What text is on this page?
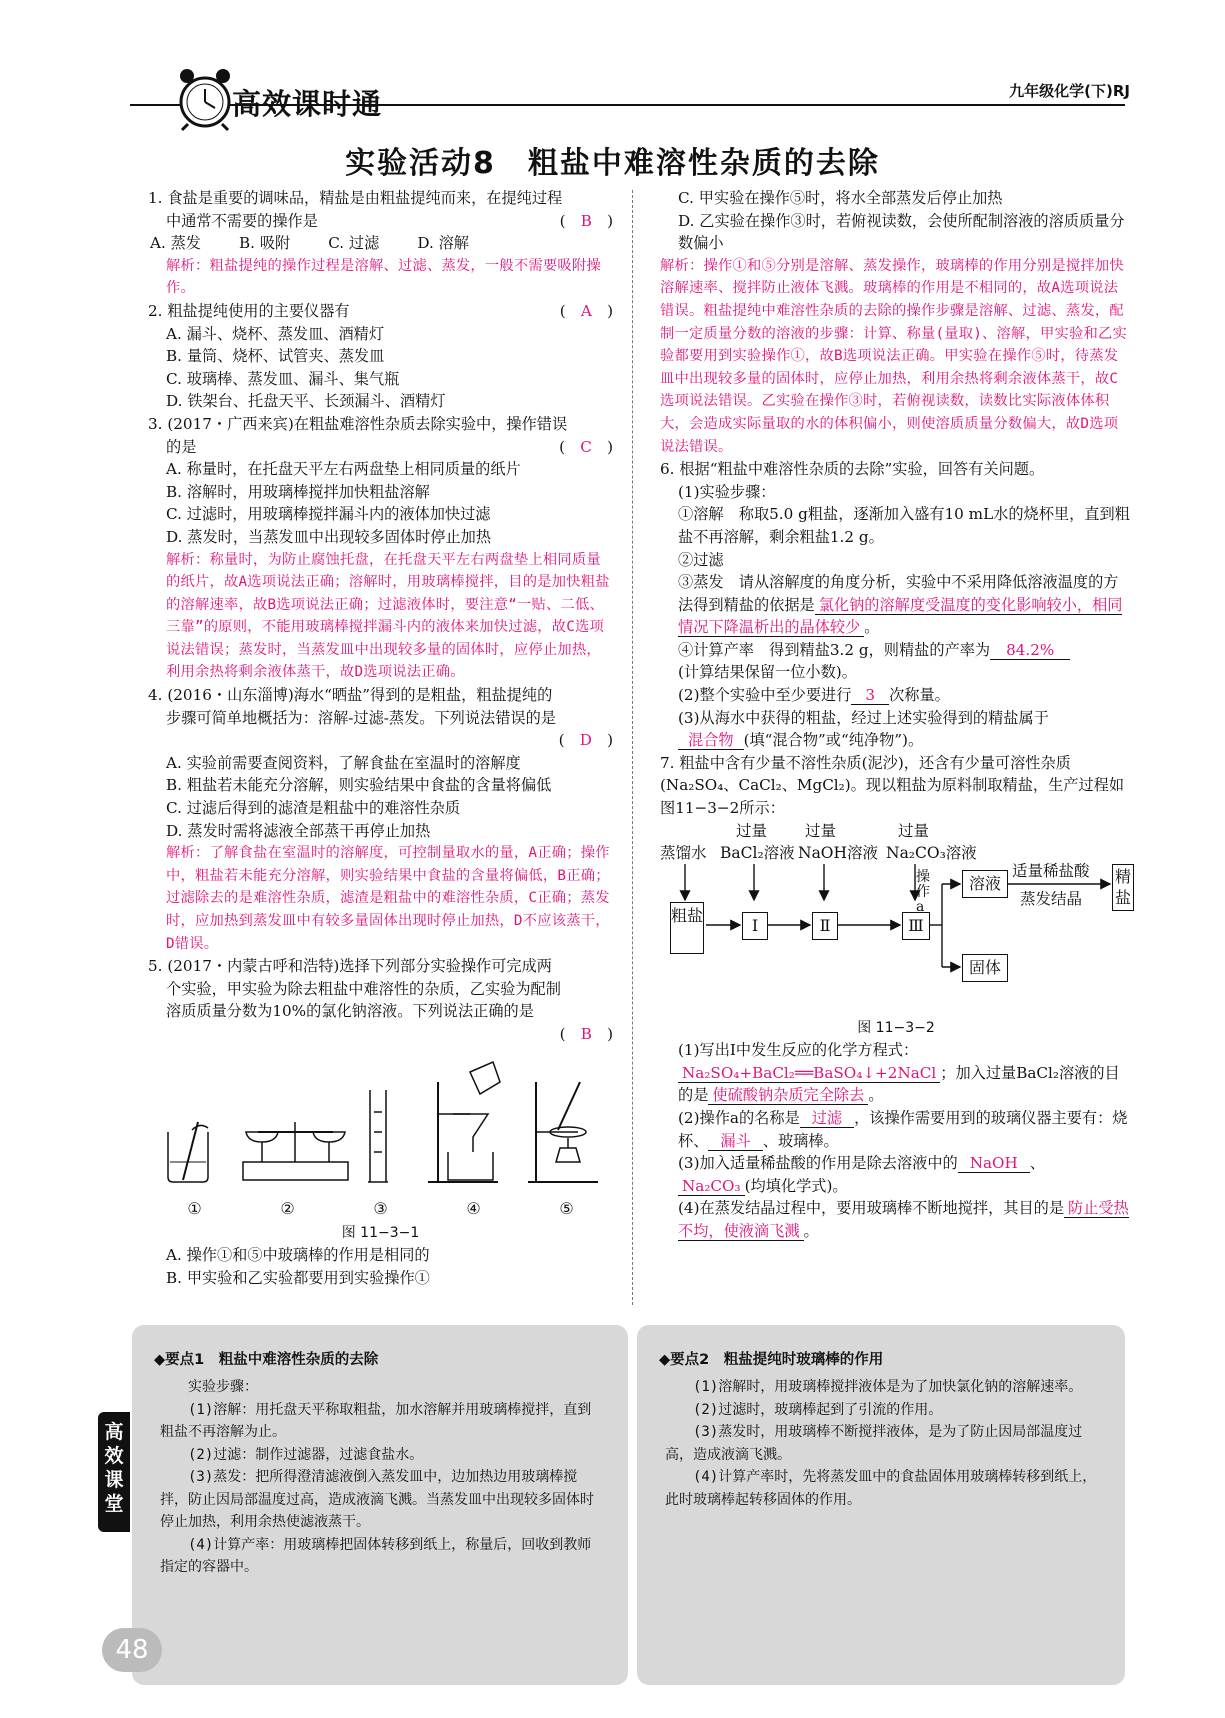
高效课时通	九年级化学(下)RJ
实验活动8　粗盐中难溶性杂质的去除

1. 食盐是重要的调味品，精盐是由粗盐提纯而来，在提纯过程

中通常不需要的操作是	(　B　)
A. 蒸发	B. 吸附	C. 过滤	D. 溶解

解析：粗盐提纯的操作过程是溶解、过滤、蒸发，一般不需要吸附操作。

2. 粗盐提纯使用的主要仪器有	(　A　)

A. 漏斗、烧杯、蒸发皿、酒精灯

B. 量筒、烧杯、试管夹、蒸发皿

C. 玻璃棒、蒸发皿、漏斗、集气瓶

D. 铁架台、托盘天平、长颈漏斗、酒精灯

3. (2017・广西来宾)在粗盐难溶性杂质去除实验中，操作错误

的是	(　C　)

A. 称量时，在托盘天平左右两盘垫上相同质量的纸片

B. 溶解时，用玻璃棒搅拌加快粗盐溶解

C. 过滤时，用玻璃棒搅拌漏斗内的液体加快过滤

D. 蒸发时，当蒸发皿中出现较多固体时停止加热

解析：称量时，为防止腐蚀托盘，在托盘天平左右两盘垫上相同质量的纸片，故A选项说法正确；溶解时，用玻璃棒搅拌，目的是加快粗盐的溶解速率，故B选项说法正确；过滤液体时，要注意“一贴、二低、三靠”的原则，不能用玻璃棒搅拌漏斗内的液体来加快过滤，故C选项说法错误；蒸发时，当蒸发皿中出现较多量的固体时，应停止加热，利用余热将剩余液体蒸干，故D选项说法正确。

4. (2016・山东淄博)海水“晒盐”得到的是粗盐，粗盐提纯的

步骤可简单地概括为：溶解-过滤-蒸发。下列说法错误的是

(　D　)

A. 实验前需要查阅资料，了解食盐在室温时的溶解度

B. 粗盐若未能充分溶解，则实验结果中食盐的含量将偏低

C. 过滤后得到的滤渣是粗盐中的难溶性杂质

D. 蒸发时需将滤液全部蒸干再停止加热

解析：了解食盐在室温时的溶解度，可控制量取水的量，A正确；操作中，粗盐若未能充分溶解，则实验结果中食盐的含量将偏低，B正确；过滤除去的是难溶性杂质，滤渣是粗盐中的难溶性杂质，C正确；蒸发时，应加热到蒸发皿中有较多量固体出现时停止加热，D不应该蒸干，D错误。

5. (2017・内蒙古呼和浩特)选择下列部分实验操作可完成两

个实验，甲实验为除去粗盐中难溶性的杂质，乙实验为配制

溶质质量分数为10%的氯化钠溶液。下列说法正确的是

(　B　)
①	②	③	④	⑤

图 11−3−1

A. 操作①和⑤中玻璃棒的作用是相同的

B. 甲实验和乙实验都要用到实验操作①

C. 甲实验在操作⑤时，将水全部蒸发后停止加热

D. 乙实验在操作③时，若俯视读数，会使所配制溶液的溶质质量分数偏小

解析：操作①和⑤分别是溶解、蒸发操作，玻璃棒的作用分别是搅拌加快溶解速率、搅拌防止液体飞溅。玻璃棒的作用是不相同的，故A选项说法错误。粗盐提纯中难溶性杂质的去除的操作步骤是溶解、过滤、蒸发，配制一定质量分数的溶液的步骤：计算、称量(量取)、溶解，甲实验和乙实验都要用到实验操作①，故B选项说法正确。甲实验在操作⑤时，待蒸发皿中出现较多量的固体时，应停止加热，利用余热将剩余液体蒸干，故C选项说法错误。乙实验在操作③时，若俯视读数，读数比实际液体体积大，会造成实际量取的水的体积偏小，则使溶质质量分数偏大，故D选项说法错误。

6. 根据“粗盐中难溶性杂质的去除”实验，回答有关问题。

(1)实验步骤：

①溶解　称取5.0 g粗盐，逐渐加入盛有10 mL水的烧杯里，直到粗盐不再溶解，剩余粗盐1.2 g。

②过滤

③蒸发　请从溶解度的角度分析，实验中不采用降低溶液温度的方法得到精盐的依据是 氯化钠的溶解度受温度的变化影响较小，相同情况下降温析出的晶体较少 。

④计算产率　得到精盐3.2 g，则精盐的产率为 84.2%

(计算结果保留一位小数)。

(2)整个实验中至少要进行 3 次称量。

(3)从海水中获得的粗盐，经过上述实验得到的精盐属于

混合物 (填“混合物”或“纯净物”)。

7. 粗盐中含有少量不溶性杂质(泥沙)，还含有少量可溶性杂质(Na₂SO₄、CaCl₂、MgCl₂)。现以粗盐为原料制取精盐，生产过程如图11−3−2所示：

过量 过量	过量
蒸馏水 BaCl₂溶液 NaOH溶液 Na₂CO₃溶液
粗盐
Ⅰ	Ⅱ	Ⅲ
操作a
溶液
固体
适量稀盐酸
蒸发结晶
精盐

图 11−3−2

(1)写出Ⅰ中发生反应的化学方程式：

Na₂SO₄+BaCl₂══BaSO₄↓+2NaCl ；加入过量BaCl₂溶液的目的是 使硫酸钠杂质完全除去 。

(2)操作a的名称是 过滤 ，该操作需要用到的玻璃仪器主要有：烧杯、 漏斗 、玻璃棒。

(3)加入适量稀盐酸的作用是除去溶液中的 NaOH 、Na₂CO₃ (均填化学式)。

(4)在蒸发结晶过程中，要用玻璃棒不断地搅拌，其目的是 防止受热不均，使液滴飞溅 。

◆要点1　粗盐中难溶性杂质的去除

实验步骤：

(1)溶解：用托盘天平称取粗盐，加水溶解并用玻璃棒搅拌，直到粗盐不再溶解为止。

(2)过滤：制作过滤器，过滤食盐水。

(3)蒸发：把所得澄清滤液倒入蒸发皿中，边加热边用玻璃棒搅拌，防止因局部温度过高，造成液滴飞溅。当蒸发皿中出现较多固体时停止加热，利用余热使滤液蒸干。

(4)计算产率：用玻璃棒把固体转移到纸上，称量后，回收到教师指定的容器中。

◆要点2　粗盐提纯时玻璃棒的作用

(1)溶解时，用玻璃棒搅拌液体是为了加快氯化钠的溶解速率。

(2)过滤时，玻璃棒起到了引流的作用。

(3)蒸发时，用玻璃棒不断搅拌液体，是为了防止因局部温度过高，造成液滴飞溅。

(4)计算产率时，先将蒸发皿中的食盐固体用玻璃棒转移到纸上，此时玻璃棒起转移固体的作用。

高效课堂
48
